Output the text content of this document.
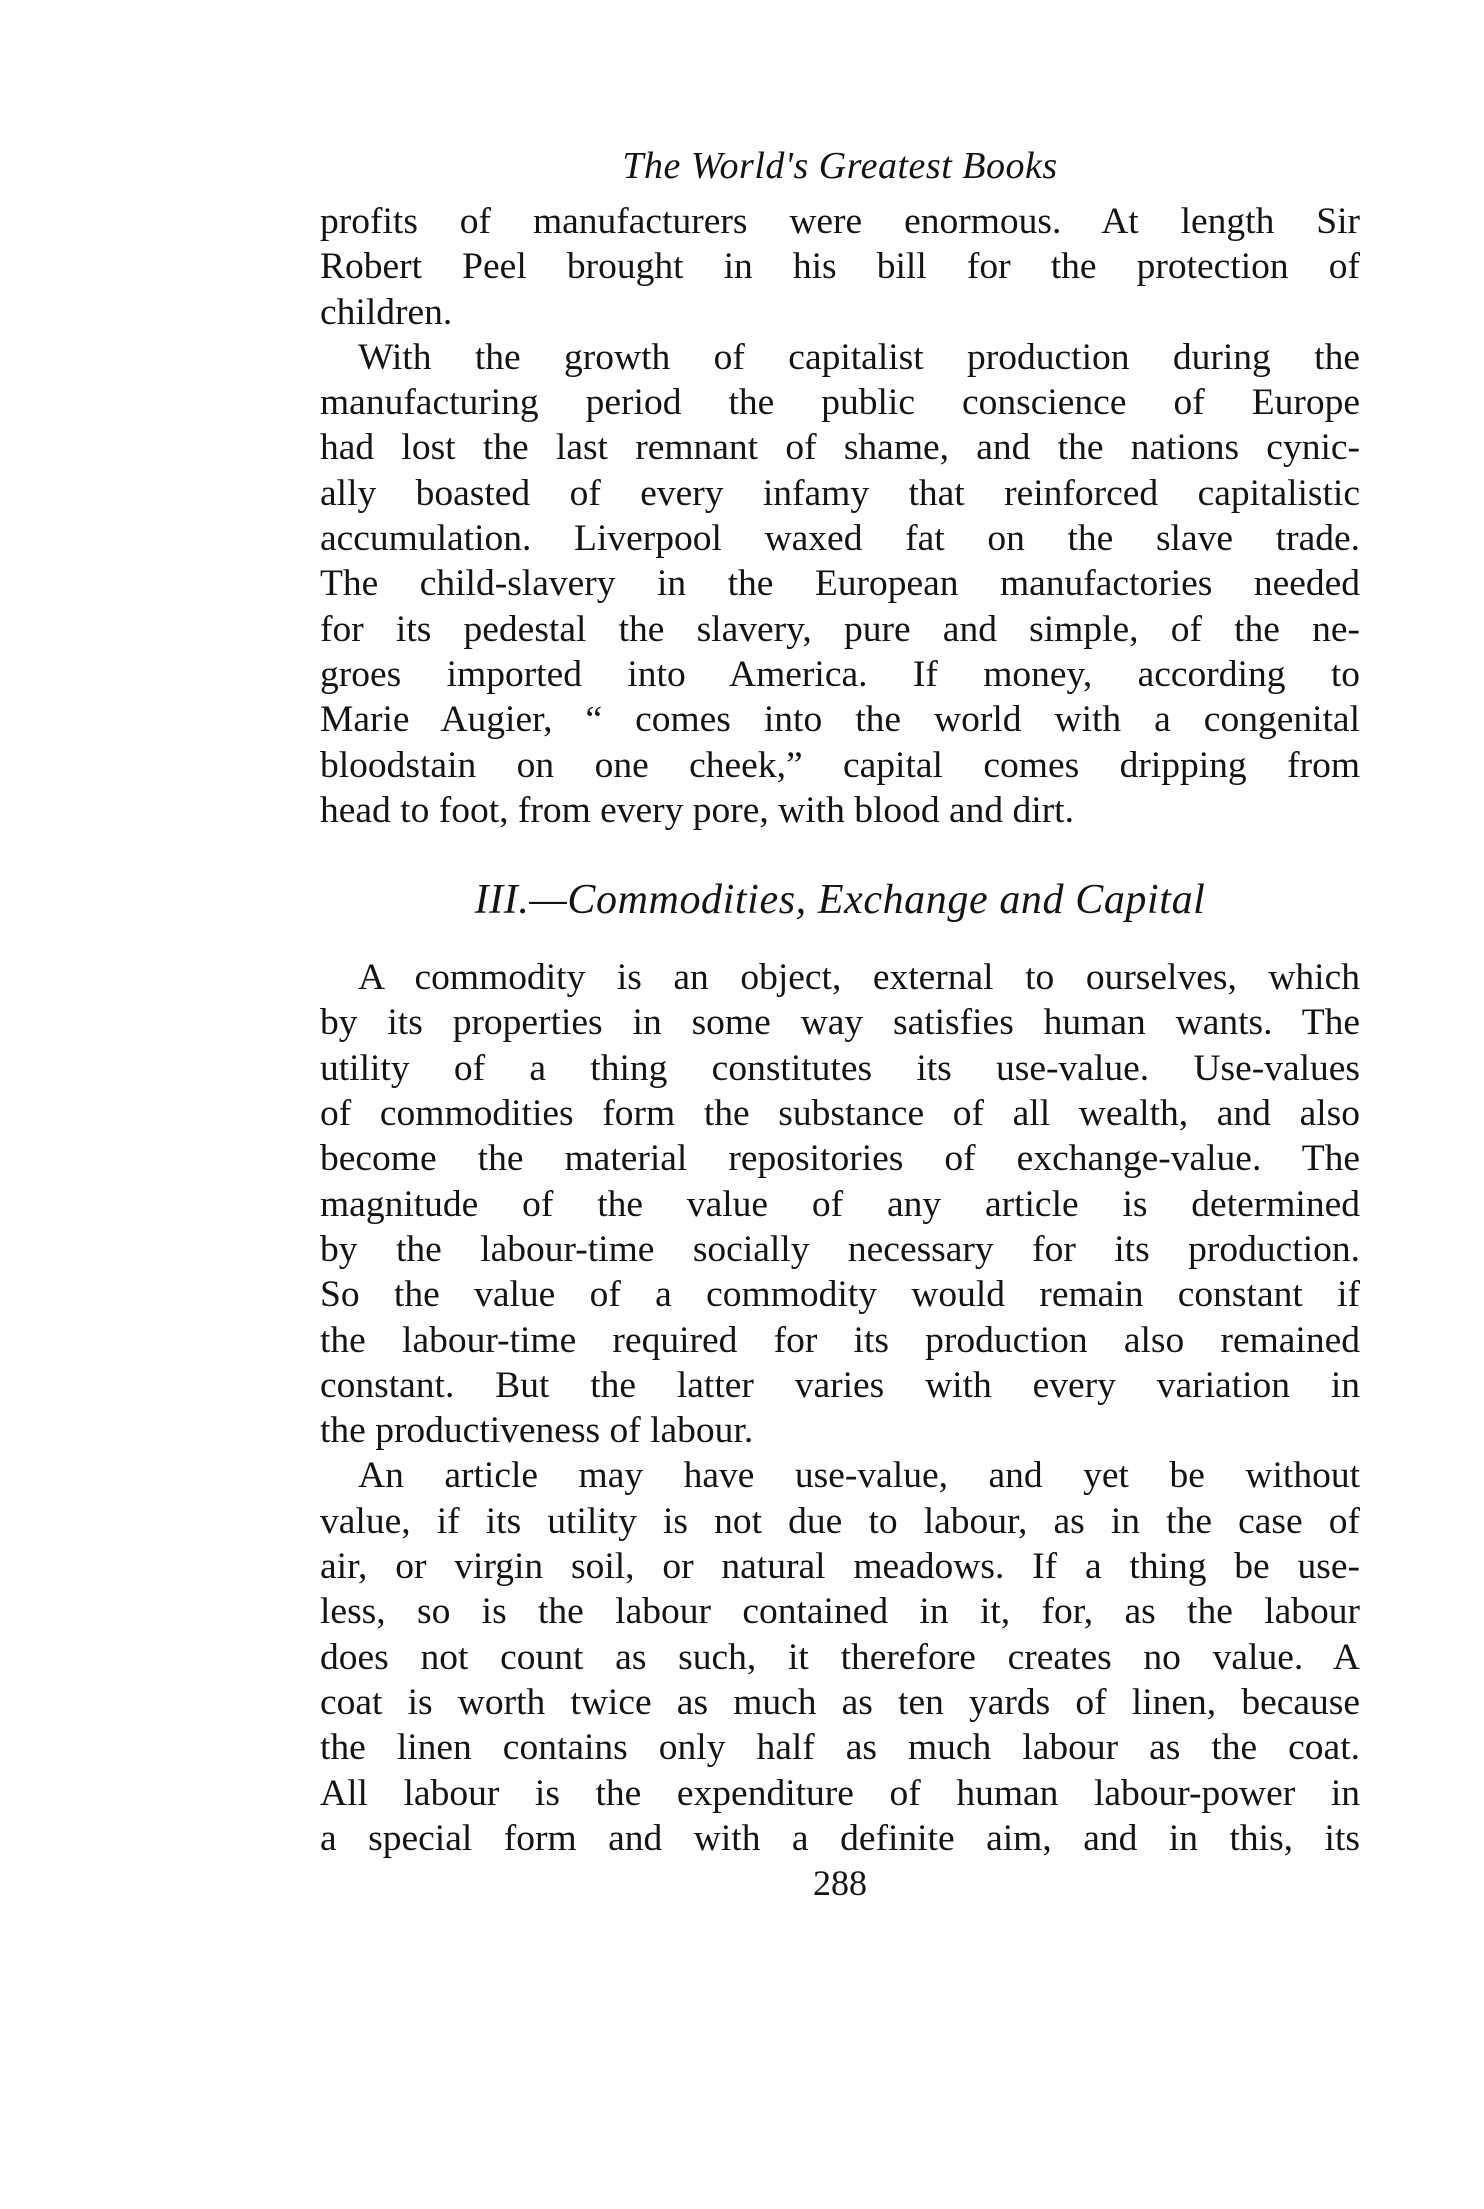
The World's Greatest Books
profits of manufacturers were enormous. At length Sir
Robert Peel brought in his bill for the protection of
children.
With the growth of capitalist production during the
manufacturing period the public conscience of Europe
had lost the last remnant of shame, and the nations cynic-
ally boasted of every infamy that reinforced capitalistic
accumulation. Liverpool waxed fat on the slave trade.
The child-slavery in the European manufactories needed
for its pedestal the slavery, pure and simple, of the ne-
groes imported into America. If money, according to
Marie Augier, “ comes into the world with a congenital
bloodstain on one cheek,” capital comes dripping from
head to foot, from every pore, with blood and dirt.
III.—Commodities, Exchange and Capital
A commodity is an object, external to ourselves, which
by its properties in some way satisfies human wants. The
utility of a thing constitutes its use-value. Use-values
of commodities form the substance of all wealth, and also
become the material repositories of exchange-value. The
magnitude of the value of any article is determined
by the labour-time socially necessary for its production.
So the value of a commodity would remain constant if
the labour-time required for its production also remained
constant. But the latter varies with every variation in
the productiveness of labour.
An article may have use-value, and yet be without
value, if its utility is not due to labour, as in the case of
air, or virgin soil, or natural meadows. If a thing be use-
less, so is the labour contained in it, for, as the labour
does not count as such, it therefore creates no value. A
coat is worth twice as much as ten yards of linen, because
the linen contains only half as much labour as the coat.
All labour is the expenditure of human labour-power in
a special form and with a definite aim, and in this, its
288
